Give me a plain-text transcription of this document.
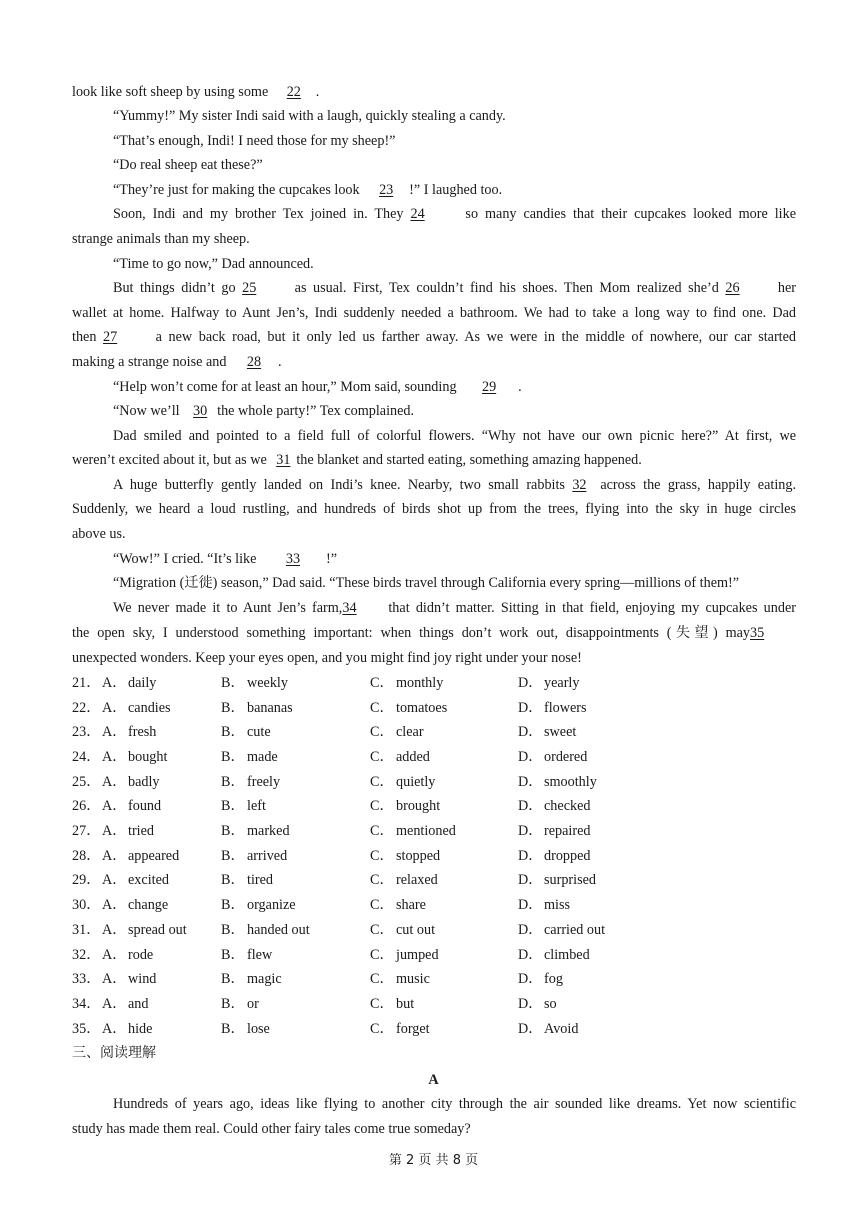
look like soft sheep by using some 22 .
“Yummy!” My sister Indi said with a laugh, quickly stealing a candy.
“That’s enough, Indi! I need those for my sheep!”
“Do real sheep eat these?”
“They’re just for making the cupcakes look 23 !” I laughed too.
Soon, Indi and my brother Tex joined in. They 24	so many candies that their cupcakes looked more like
strange animals than my sheep.
“Time to go now,” Dad announced.
But things didn’t go 25	as usual. First, Tex couldn’t find his shoes. Then Mom realized she’d 26	her
wallet at home. Halfway to Aunt Jen’s, Indi suddenly needed a bathroom. We had to take a long way to find one. Dad
then 27	a new back road, but it only led us farther away. As we were in the middle of nowhere, our car started
making a strange noise and 28 .
“Help won’t come for at least an hour,” Mom said, sounding 29 .
“Now we’ll 30 the whole party!” Tex complained.
Dad smiled and pointed to a field full of colorful flowers. “Why not have our own picnic here?” At first, we
weren’t excited about it, but as we 31 the blanket and started eating, something amazing happened.
A huge butterfly gently landed on Indi’s knee. Nearby, two small rabbits 32 across the grass, happily eating.
Suddenly, we heard a loud rustling, and hundreds of birds shot up from the trees, flying into the sky in huge circles
above us.
“Wow!” I cried. “It’s like 33 !”
“Migration (迁徙) season,” Dad said. “These birds travel through California every spring—millions of them!”
We never made it to Aunt Jen’s farm,34 that didn’t matter. Sitting in that field, enjoying my cupcakes under
the open sky, I understood something important: when things don’t work out, disappointments (失望) may35
unexpected wonders. Keep your eyes open, and you might find joy right under your nose!
21． A． daily	B． weekly	C． monthly	D． yearly
22． A． candies	B． bananas	C． tomatoes	D． flowers
23． A． fresh	B． cute	C． clear	D． sweet
24． A． bought	B． made	C． added	D． ordered
25． A． badly	B． freely	C． quietly	D． smoothly
26． A． found	B． left	C． brought	D． checked
27． A． tried	B． marked	C． mentioned	D． repaired
28． A． appeared	B． arrived	C． stopped	D． dropped
29． A． excited	B． tired	C． relaxed	D． surprised
30． A． change	B． organize	C． share	D． miss
31． A． spread out B． handed out	C． cut out	D． carried out
32． A． rode	B． flew	C． jumped	D． climbed
33． A． wind	B． magic	C． music	D． fog
34． A． and	B． or	C． but	D． so
35． A． hide	B． lose	C． forget	D． Avoid
三、阅读理解
A
Hundreds of years ago, ideas like flying to another city through the air sounded like dreams. Yet now scientific
study has made them real. Could other fairy tales come true someday?
第 2 页 共 8 页
